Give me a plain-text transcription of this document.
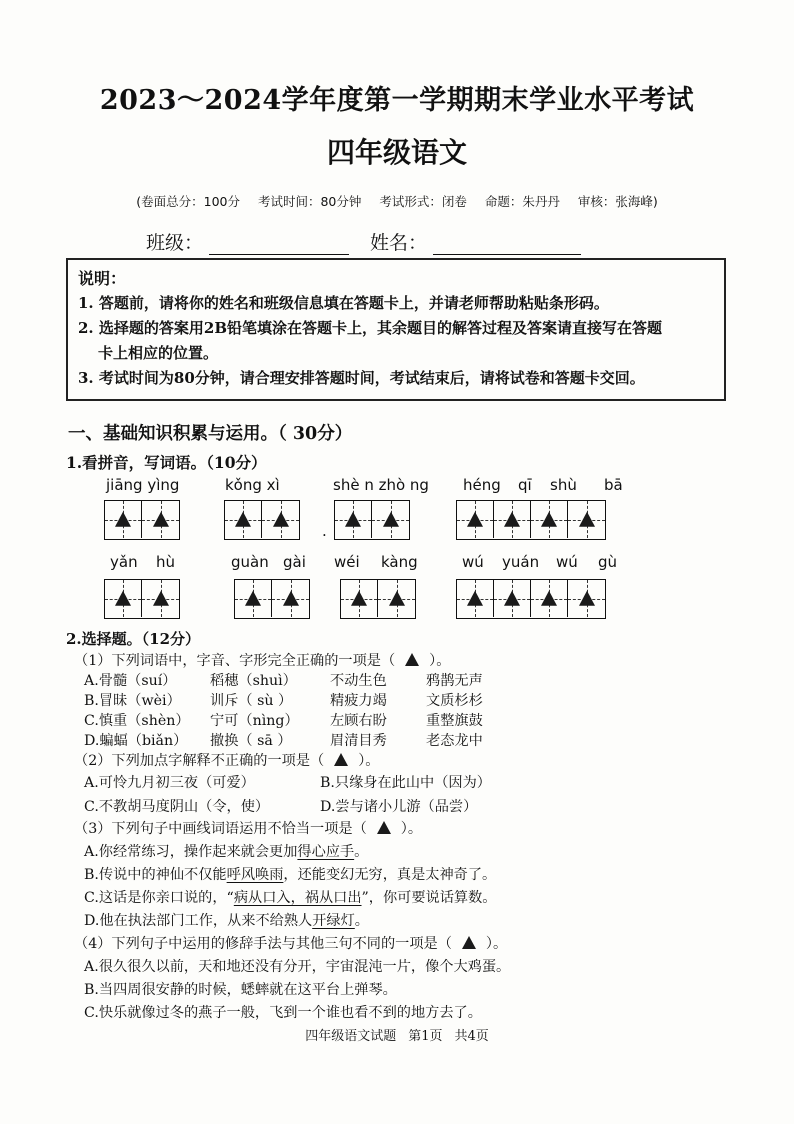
2023～2024学年度第一学期期末学业水平考试
四年级语文
(卷面总分：100分 考试时间：80分钟 考试形式：闭卷 命题：朱丹丹 审核：张海峰)
班级：	姓名：
说明：
1. 答题前，请将你的姓名和班级信息填在答题卡上，并请老师帮助粘贴条形码。
2. 选择题的答案用2B铅笔填涂在答题卡上，其余题目的解答过程及答案请直接写在答题
卡上相应的位置。
3. 考试时间为80分钟，请合理安排答题时间，考试结束后，请将试卷和答题卡交回。
一、基础知识积累与运用。（ 30分）
1.看拼音，写词语。（10分）
jiāng yìng	kǒng xì	shè n zhò ng héng qī shù bā
.
yǎn hù	guàn gài wéi kàng	wú yuán wú gù
2.选择题。（12分）
（1）下列词语中，字音、字形完全正确的一项是（ ）。
A.骨髓（suí） 稻穗（shuì） 不动生色	鸦鹊无声
B.冒昧（wèi） 训斥（ sù ）	精疲力竭	文质杉杉
C.慎重（shèn） 宁可（nìng） 左顾右盼	重整旗鼓
D.蝙蝠（biǎn） 撤换（ sā ）	眉清目秀	老态龙中
（2）下列加点字解释不正确的一项是（ ）。
A.可怜九月初三夜（可爱）	B.只缘身在此山中（因为）
C.不教胡马度阴山（令，使）	D.尝与诸小儿游（品尝）
（3）下列句子中画线词语运用不恰当一项是（ ）。
A.你经常练习，操作起来就会更加得心应手。
B.传说中的神仙不仅能呼风唤雨，还能变幻无穷，真是太神奇了。
C.这话是你亲口说的，“病从口入，祸从口出”，你可要说话算数。
D.他在执法部门工作，从来不给熟人开绿灯。
（4）下列句子中运用的修辞手法与其他三句不同的一项是（ ）。
A.很久很久以前，天和地还没有分开，宇宙混沌一片，像个大鸡蛋。
B.当四周很安静的时候，蟋蟀就在这平台上弹琴。
C.快乐就像过冬的燕子一般，飞到一个谁也看不到的地方去了。
四年级语文试题 第1页 共4页
